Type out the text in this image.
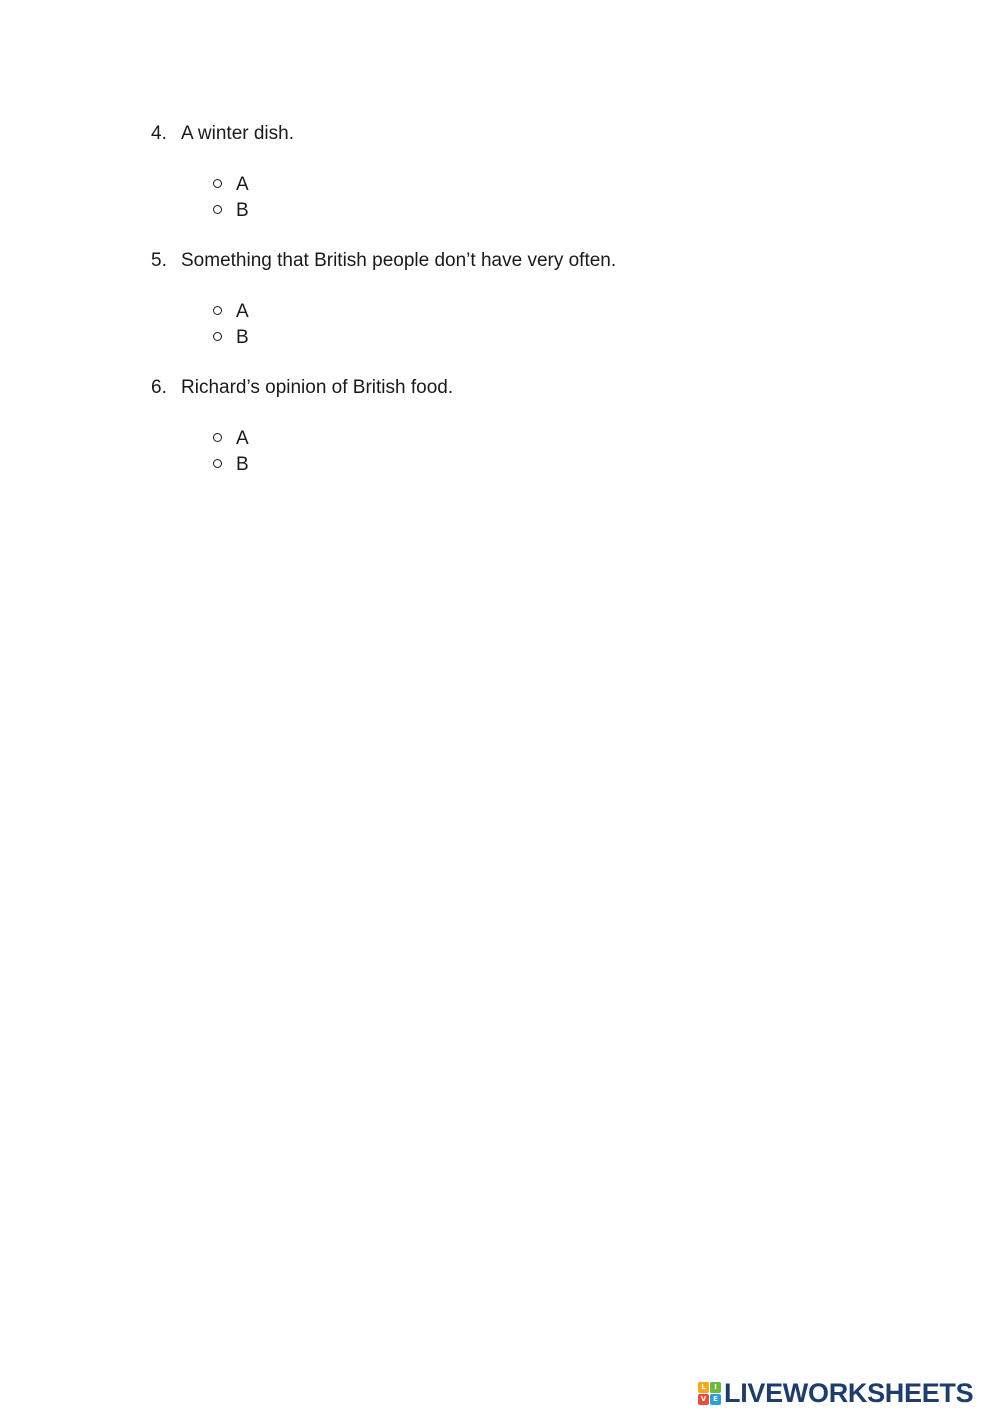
4. A winter dish.
A
B
5. Something that British people don’t have very often.
A
B
6. Richard’s opinion of British food.
A
B
L	I
V E LIVEWORKSHEETS
